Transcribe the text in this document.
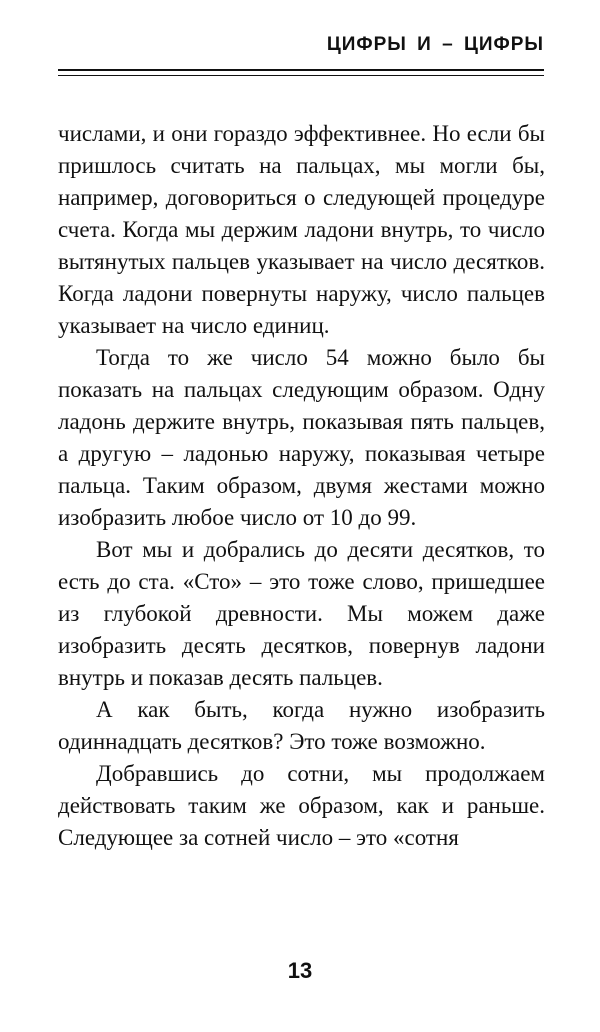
ЦИФРЫ И – ЦИФРЫ

числами, и они гораздо эффективнее. Но если бы пришлось считать на пальцах, мы могли бы, например, договориться о следующей процедуре счета. Когда мы держим ладони внутрь, то число вытянутых пальцев указывает на число десятков. Когда ладони повернуты наружу, число пальцев указывает на число единиц.

Тогда то же число 54 можно было бы показать на пальцах следующим образом. Одну ладонь держите внутрь, показывая пять пальцев, а другую – ладонью наружу, показывая четыре пальца. Таким образом, двумя жестами можно изобразить любое число от 10 до 99.

Вот мы и добрались до десяти десятков, то есть до ста. «Сто» – это тоже слово, пришедшее из глубокой древности. Мы можем даже изобразить десять десятков, повернув ладони внутрь и показав десять пальцев.

А как быть, когда нужно изобразить одиннадцать десятков? Это тоже возможно.

Добравшись до сотни, мы продолжаем действовать таким же образом, как и раньше. Следующее за сотней число – это «сотня

13
